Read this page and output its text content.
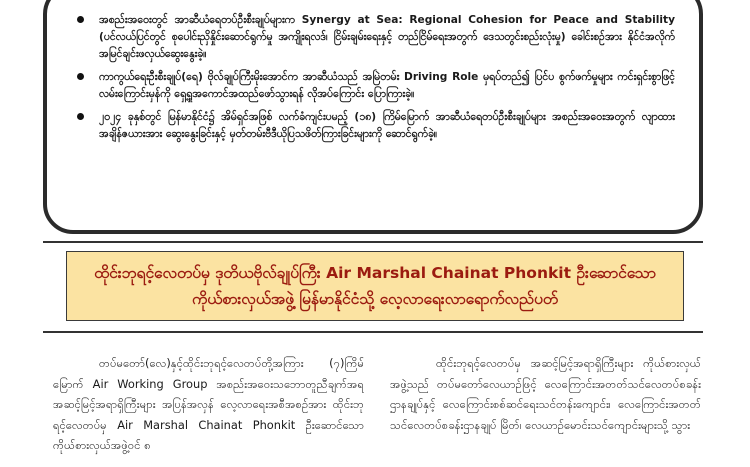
အစည်းအဝေးတွင် အာဆီယံရေတပ်ဦးစီးချုပ်များက Synergy at Sea: Regional Cohesion for Peace and Stability (ပင်လယ်ပြင်တွင် စုပေါင်းညှိနှိုင်းဆောင်ရွက်မှု အကျိုးရလဒ်၊ ငြိမ်းချမ်းရေးနှင့် တည်ငြိမ်ရေးအတွက် ဒေသတွင်းစည်းလုံးမှု) ခေါင်းစဉ်အား နိုင်ငံအလိုက် အမြင်ချင်းဖလှယ်ဆွေးနွေးခဲ့။
ကာကွယ်ရေးဦးစီးချုပ်(ရေ) ဗိုလ်ချုပ်ကြီးမိုးအောင်က အာဆီယံသည် အမြဲတမ်း Driving Role မှရပ်တည်၍ ပြင်ပ စွက်ဖက်မှုများ ကင်းရှင်းစွာဖြင့် လမ်းကြောင်းမှန်ကို ရှေ့ရှုအကောင်အထည်ဖော်သွားရန် လိုအပ်ကြောင်း ပြောကြားခဲ့။
၂၀၂၄ ခုနှစ်တွင် မြန်မာနိုင်ငံ၌ အိမ်ရှင်အဖြစ် လက်ခံကျင်းပမည့် (၁၈) ကြိမ်မြောက် အာဆီယံရေတပ်ဦးစီးချုပ်များ အစည်းအဝေးအတွက် လျာထားအချိန်ဇယားအား ဆွေးနွေးခြင်းနှင့် မှတ်တမ်းဗီဒီယိုပြသဖိတ်ကြားခြင်းများကို ဆောင်ရွက်ခဲ့။
ထိုင်းဘုရင့်လေတပ်မှ ဒုတိယဗိုလ်ချုပ်ကြီး Air Marshal Chainat Phonkit ဦးဆောင်သော
ကိုယ်စားလှယ်အဖွဲ့ မြန်မာနိုင်ငံသို့ လေ့လာရေးလာရောက်လည်ပတ်

တပ်မတော်(လေ)နှင့်ထိုင်းဘုရင့်လေတပ်တို့အကြား (၇)ကြိမ်မြောက် Air Working Group အစည်းအဝေးသဘောတူညီချက်အရ အဆင့်မြင့်အရာရှိကြီးများ အပြန်အလှန် လေ့လာရေးအစီအစဉ်အား ထိုင်းဘုရင့်လေတပ်မှ Air Marshal Chainat Phonkit ဦးဆောင်သော ကိုယ်စားလှယ်အဖွဲ့ဝင် ၈

ထိုင်းဘုရင့်လေတပ်မှ အဆင့်မြင့်အရာရှိကြီးများ ကိုယ်စားလှယ်အဖွဲ့သည် တပ်မတော်လေယာဉ်ဖြင့် လေကြောင်းအတတ်သင်လေတပ်စခန်းဌာနချုပ်နှင့် လေကြောင်းစစ်ဆင်ရေးသင်တန်းကျောင်း၊ လေကြောင်းအတတ်သင်လေတပ်စခန်းဌာနချုပ် မြိတ်၊ လေယာဉ်မောင်းသင်ကျောင်းများသို့ သွား
